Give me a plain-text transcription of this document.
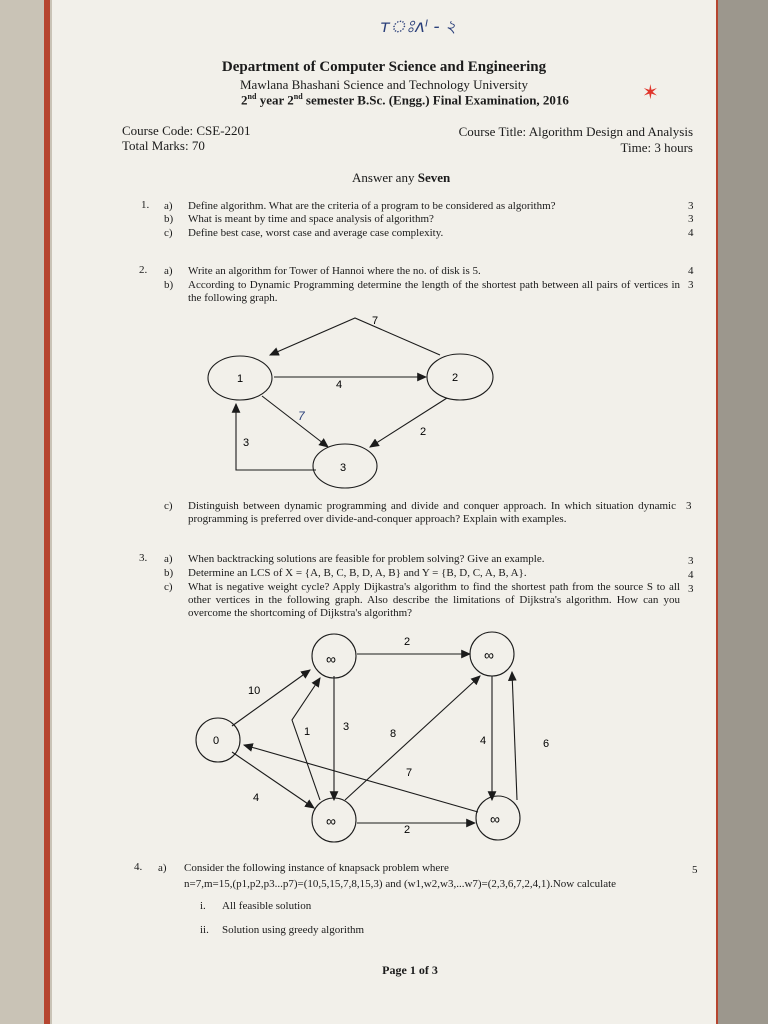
ᴛঃᴧᴵ - ২
✶
Department of Computer Science and Engineering
Mawlana Bhashani Science and Technology University
2nd year 2nd semester B.Sc. (Engg.) Final Examination, 2016
Course Code: CSE-2201
Total Marks: 70
Course Title: Algorithm Design and Analysis
Time: 3 hours
Answer any Seven
1. a) Define algorithm. What are the criteria of a program to be considered as algorithm?	3
b) What is meant by time and space analysis of algorithm?	3
c) Define best case, worst case and average case complexity.	4
2. a) Write an algorithm for Tower of Hannoi where the no. of disk is 5.	4
b) According to Dynamic Programming determine the length of the shortest path between all pairs of vertices in the following graph.
3
1	2
3
4
7
3
2
7
0
∞	∞
∞	∞
10
4
2
2
1	3
8
4	6
7
c) Distinguish between dynamic programming and divide and conquer approach. In which situation dynamic programming is preferred over divide-and-conquer approach? Explain with examples.
3
3. a) When backtracking solutions are feasible for problem solving? Give an example.	3
b) Determine an LCS of X = {A, B, C, B, D, A, B} and Y = {B, D, C, A, B, A}.	4
c) What is negative weight cycle? Apply Dijkastra's algorithm to find the shortest path from the source S to all other vertices in the following graph. Also describe the limitations of Dijkstra's algorithm. How can you overcome the shortcoming of Dijkstra's algorithm?
3
4. a) Consider the following instance of knapsack problem where
n=7,m=15,(p1,p2,p3...p7)=(10,5,15,7,8,15,3) and (w1,w2,w3,...w7)=(2,3,6,7,2,4,1).Now calculate
5
i. All feasible solution
ii. Solution using greedy algorithm
Page 1 of 3
